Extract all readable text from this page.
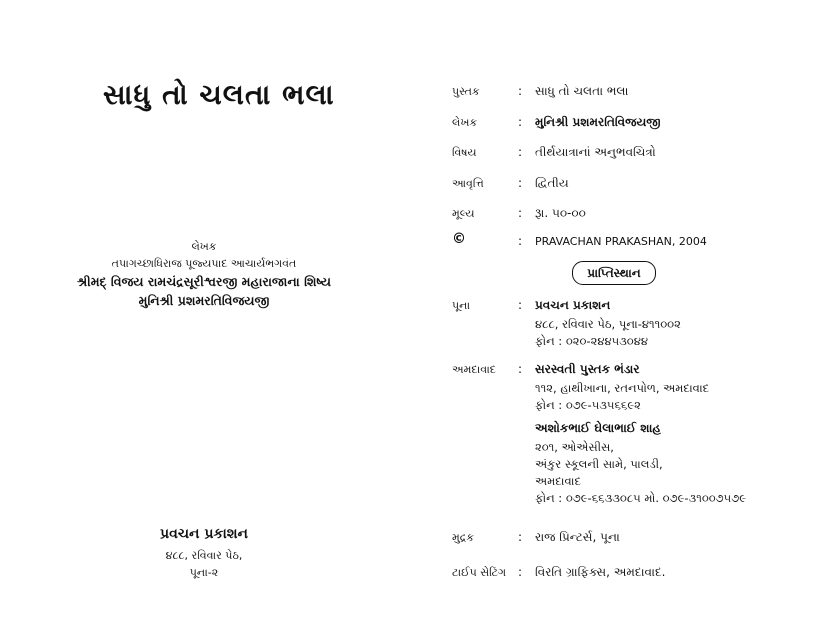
સાધુ તો ચલતા ભલા
લેખક
તપાગચ્છાધિરાજ પૂજ્યપાદ આચાર્યભગવંત
શ્રીમદ્ વિજય રામચંદ્રસૂરીશ્વરજી મહારાજાના શિષ્ય
મુનિશ્રી પ્રશમરતિવિજયજી
પ્રવચન પ્રકાશન
૪૮૮, રવિવાર પેઠ,
પૂના-૨
પુસ્તક	: સાધુ તો ચલતા ભલા
લેખક	: મુનિશ્રી પ્રશમરતિવિજયજી
વિષય	: તીર્થયાત્રાનાં અનુભવચિત્રો
આવૃત્તિ	: દ્વિતીય
મૂલ્ય	: રૂા. ૫૦-૦૦
©	: PRAVACHAN PRAKASHAN, 2004
પ્રાપ્તિસ્થાન
પૂના	: પ્રવચન પ્રકાશન
૪૮૮, રવિવાર પેઠ, પૂના-૪૧૧૦૦૨
ફોન : ૦૨૦-૨૪૪૫૩૦૪૪
અમદાવાદ : સરસ્વતી પુસ્તક ભંડાર
૧૧૨, હાથીખાના, રતનપોળ, અમદાવાદ
ફોન : ૦૭૯-૫૩૫૬૬૯૨
અશોકભાઈ ઘેલાભાઈ શાહ
૨૦૧, ઓએસીસ,
અંકુર સ્કૂલની સામે, પાલડી,
અમદાવાદ
ફોન : ૦૭૯-૬૬૩૩૦૮૫ મો. ૦૭૯-૩૧૦૦૭૫૭૯
મુદ્રક	: રાજ પ્રિન્ટર્સ, પૂના
ટાઈપ સેટિંગ : વિરતિ ગ્રાફિક્સ, અમદાવાદ.
